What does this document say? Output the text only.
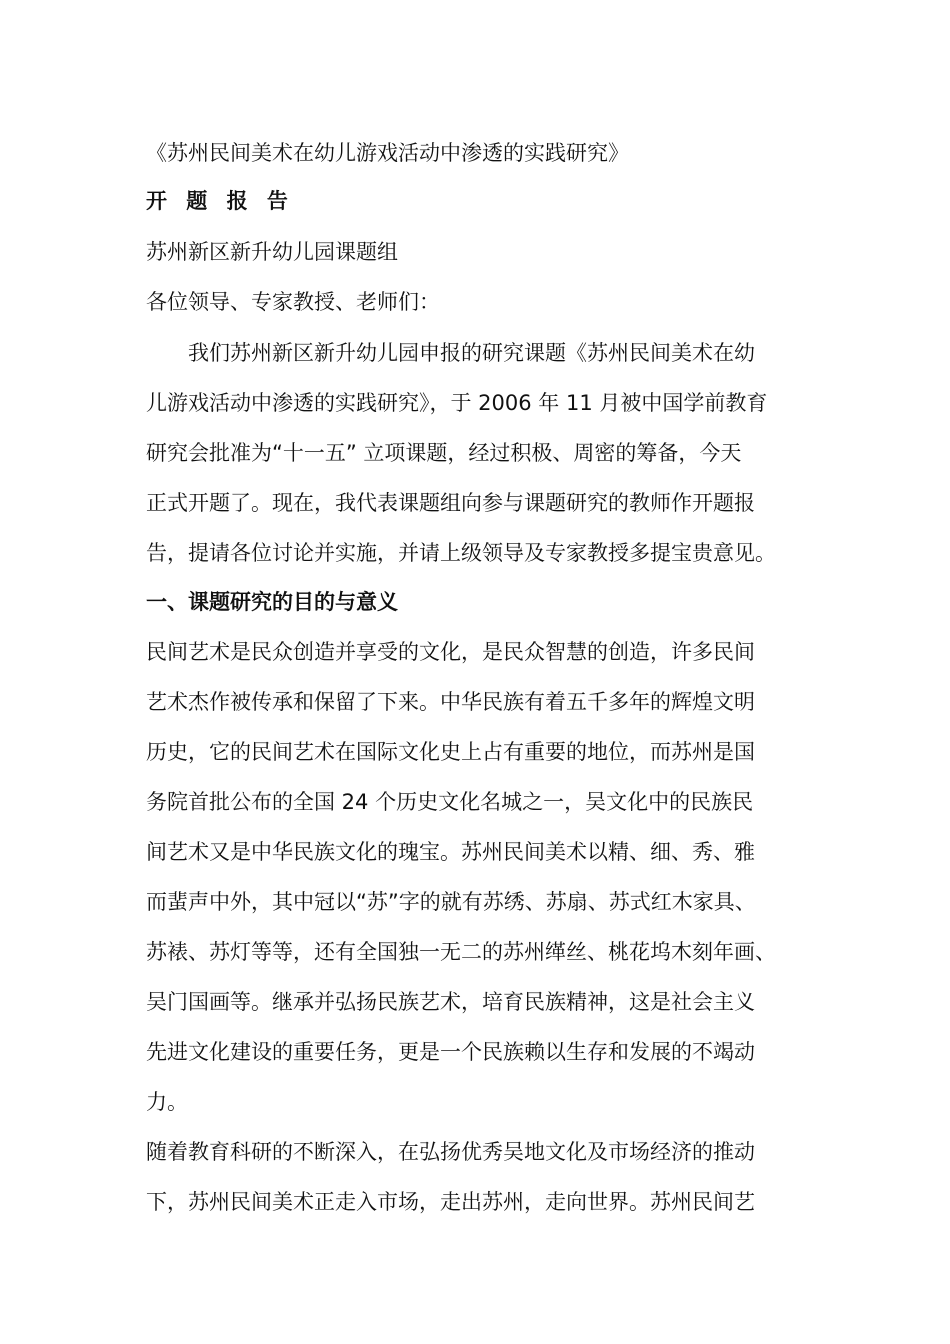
《苏州民间美术在幼儿游戏活动中渗透的实践研究》
开 题 报 告
苏州新区新升幼儿园课题组
各位领导、专家教授、老师们：
我们苏州新区新升幼儿园申报的研究课题《苏州民间美术在幼
儿游戏活动中渗透的实践研究》，于 2006 年 11 月被中国学前教育
研究会批准为“十一五” 立项课题，经过积极、周密的筹备，今天
正式开题了。现在，我代表课题组向参与课题研究的教师作开题报
告，提请各位讨论并实施，并请上级领导及专家教授多提宝贵意见。
一、课题研究的目的与意义
民间艺术是民众创造并享受的文化，是民众智慧的创造，许多民间
艺术杰作被传承和保留了下来。中华民族有着五千多年的辉煌文明
历史，它的民间艺术在国际文化史上占有重要的地位，而苏州是国
务院首批公布的全国 24 个历史文化名城之一，吴文化中的民族民
间艺术又是中华民族文化的瑰宝。苏州民间美术以精、细、秀、雅
而蜚声中外，其中冠以“苏”字的就有苏绣、苏扇、苏式红木家具、
苏裱、苏灯等等，还有全国独一无二的苏州缂丝、桃花坞木刻年画、
吴门国画等。继承并弘扬民族艺术，培育民族精神，这是社会主义
先进文化建设的重要任务，更是一个民族赖以生存和发展的不竭动
力。
随着教育科研的不断深入，在弘扬优秀吴地文化及市场经济的推动
下，苏州民间美术正走入市场，走出苏州，走向世界。苏州民间艺
